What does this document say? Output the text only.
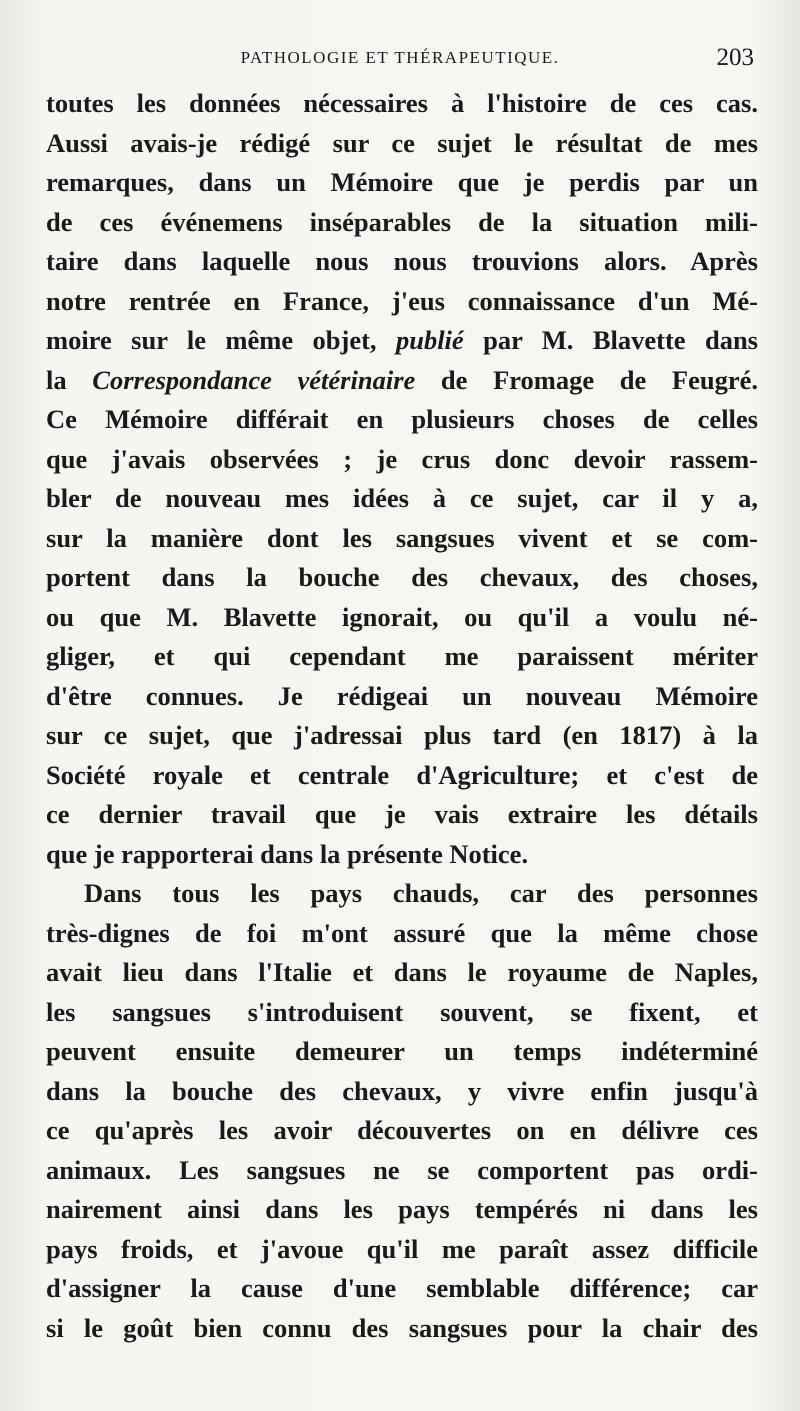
PATHOLOGIE ET THÉRAPEUTIQUE.	203
toutes les données nécessaires à l'histoire de ces cas.
Aussi avais-je rédigé sur ce sujet le résultat de mes
remarques, dans un Mémoire que je perdis par un
de ces événemens inséparables de la situation mili-
taire dans laquelle nous nous trouvions alors. Après
notre rentrée en France, j'eus connaissance d'un Mé-
moire sur le même objet, publié par M. Blavette dans
la Correspondance vétérinaire de Fromage de Feugré.
Ce Mémoire différait en plusieurs choses de celles
que j'avais observées ; je crus donc devoir rassem-
bler de nouveau mes idées à ce sujet, car il y a,
sur la manière dont les sangsues vivent et se com-
portent dans la bouche des chevaux, des choses,
ou que M. Blavette ignorait, ou qu'il a voulu né-
gliger, et qui cependant me paraissent mériter
d'être connues. Je rédigeai un nouveau Mémoire
sur ce sujet, que j'adressai plus tard (en 1817) à la
Société royale et centrale d'Agriculture; et c'est de
ce dernier travail que je vais extraire les détails
que je rapporterai dans la présente Notice.
Dans tous les pays chauds, car des personnes
très-dignes de foi m'ont assuré que la même chose
avait lieu dans l'Italie et dans le royaume de Naples,
les sangsues s'introduisent souvent, se fixent, et
peuvent ensuite demeurer un temps indéterminé
dans la bouche des chevaux, y vivre enfin jusqu'à
ce qu'après les avoir découvertes on en délivre ces
animaux. Les sangsues ne se comportent pas ordi-
nairement ainsi dans les pays tempérés ni dans les
pays froids, et j'avoue qu'il me paraît assez difficile
d'assigner la cause d'une semblable différence; car
si le goût bien connu des sangsues pour la chair des
